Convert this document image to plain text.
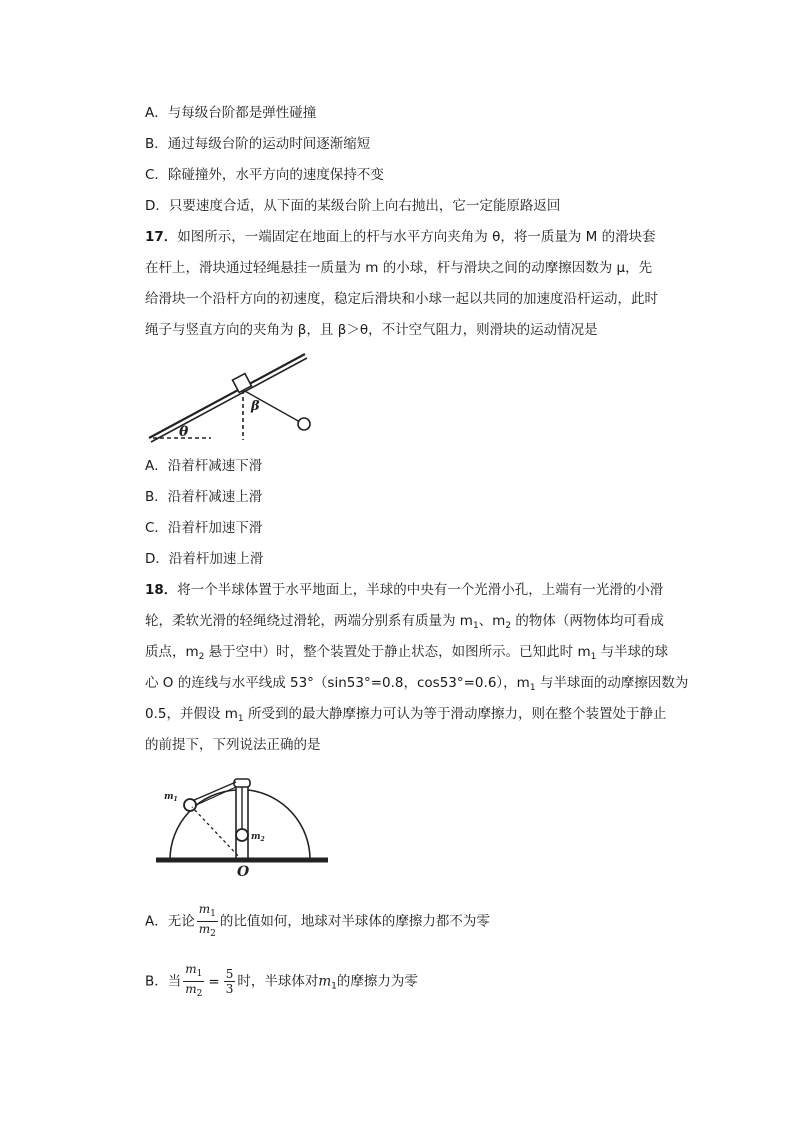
A．与每级台阶都是弹性碰撞
B．通过每级台阶的运动时间逐渐缩短
C．除碰撞外，水平方向的速度保持不变
D．只要速度合适，从下面的某级台阶上向右抛出，它一定能原路返回
17．如图所示，一端固定在地面上的杆与水平方向夹角为 θ，将一质量为 M 的滑块套
在杆上，滑块通过轻绳悬挂一质量为 m 的小球，杆与滑块之间的动摩擦因数为 μ，先
给滑块一个沿杆方向的初速度，稳定后滑块和小球一起以共同的加速度沿杆运动，此时
绳子与竖直方向的夹角为 β，且 β＞θ，不计空气阻力，则滑块的运动情况是
θ
β
A．沿着杆减速下滑
B．沿着杆减速上滑
C．沿着杆加速下滑
D．沿着杆加速上滑
18．将一个半球体置于水平地面上，半球的中央有一个光滑小孔，上端有一光滑的小滑
轮，柔软光滑的轻绳绕过滑轮，两端分别系有质量为 $m_1$、$m_2$ 的物体（两物体均可看成
质点，$m_2$ 悬于空中）时，整个装置处于静止状态，如图所示。已知此时 $m_1$ 与半球的球
心 O 的连线与水平线成 53°（sin53°=0.8，cos53°=0.6），$m_1$ 与半球面的动摩擦因数为
0.5，并假设 $m_1$ 所受到的最大静摩擦力可认为等于滑动摩擦力，则在整个装置处于静止
的前提下，下列说法正确的是
$m_1$
$m_2$
O
A．无论 $\frac{m_1}{m_2}$ 的比值如何，地球对半球体的摩擦力都不为零
B．当 $\frac{m_1}{m_2} = \frac{5}{3}$ 时，半球体对$m_1$的摩擦力为零
